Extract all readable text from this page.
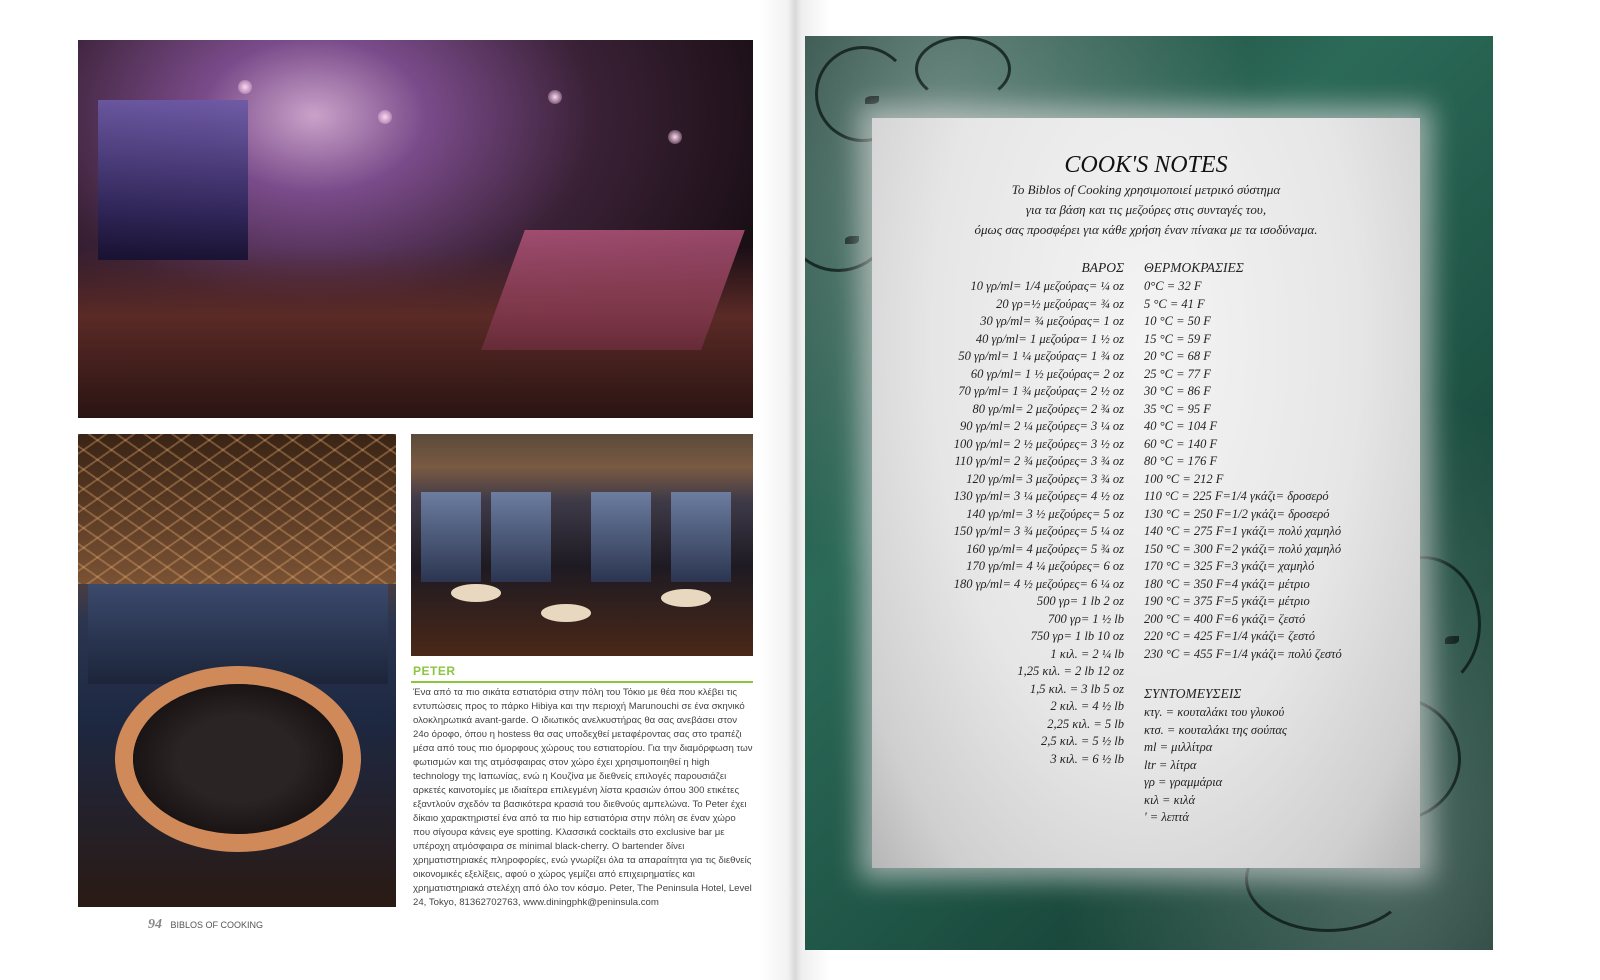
PETER
Ένα από τα πιο σικάτα εστιατόρια στην πόλη του Τόκιο με θέα που κλέβει τις εντυπώσεις προς το πάρκο Hibiya και την περιοχή Marunouchi σε ένα σκηνικό ολοκληρωτικά avant-garde. Ο ιδιωτικός ανελκυστήρας θα σας ανεβάσει στον 24ο όροφο, όπου η hostess θα σας υποδεχθεί μεταφέροντας σας στο τραπέζι μέσα από τους πιο όμορφους χώρους του εστιατορίου. Για την διαμόρφωση των φωτισμών και της ατμόσφαιρας στον χώρο έχει χρησιμοποιηθεί η high technology της Ιαπωνίας, ενώ η Κουζίνα με διεθνείς επιλογές παρουσιάζει αρκετές καινοτομίες με ιδιαίτερα επιλεγμένη λίστα κρασιών όπου 300 ετικέτες εξαντλούν σχεδόν τα βασικότερα κρασιά του διεθνούς αμπελώνα. Το Peter έχει δίκαιο χαρακτηριστεί ένα από τα πιο hip εστιατόρια στην πόλη σε έναν χώρο που σίγουρα κάνεις eye spotting. Κλασσικά cocktails στο exclusive bar με υπέροχη ατμόσφαιρα σε minimal black-cherry. Ο bartender δίνει χρηματιστηριακές πληροφορίες, ενώ γνωρίζει όλα τα απαραίτητα για τις διεθνείς οικονομικές εξελίξεις, αφού ο χώρος γεμίζει από επιχειρηματίες και χρηματιστηριακά στελέχη από όλο τον κόσμο. Peter, The Peninsula Hotel, Level 24, Tokyo, 81362702763, www.diningphk@peninsula.com
94 BIBLOS OF COOKING
COOK'S NOTES
Το Biblos of Cooking χρησιμοποιεί μετρικό σύστημα
για τα βάση και τις μεζούρες στις συνταγές του,
όμως σας προσφέρει για κάθε χρήση έναν πίνακα με τα ισοδύναμα.
ΒΑΡΟΣ
10 γρ/ml= 1/4 μεζούρας= ¼ oz
20 γρ=½ μεζούρας= ¾ oz
30 γρ/ml= ¾ μεζούρας= 1 oz
40 γρ/ml= 1 μεζούρα= 1 ½ oz
50 γρ/ml= 1 ¼ μεζούρας= 1 ¾ oz
60 γρ/ml= 1 ½ μεζούρας= 2 oz
70 γρ/ml= 1 ¾ μεζούρας= 2 ½ oz
80 γρ/ml= 2 μεζούρες= 2 ¾ oz
90 γρ/ml= 2 ¼ μεζούρες= 3 ¼ oz
100 γρ/ml= 2 ½ μεζούρες= 3 ½ oz
110 γρ/ml= 2 ¾ μεζούρες= 3 ¾ oz
120 γρ/ml= 3 μεζούρες= 3 ¾ oz
130 γρ/ml= 3 ¼ μεζούρες= 4 ½ oz
140 γρ/ml= 3 ½ μεζούρες= 5 oz
150 γρ/ml= 3 ¾ μεζούρες= 5 ¼ oz
160 γρ/ml= 4 μεζούρες= 5 ¾ oz
170 γρ/ml= 4 ¼ μεζούρες= 6 oz
180 γρ/ml= 4 ½ μεζούρες= 6 ¼ oz
500 γρ= 1 lb 2 oz
700 γρ= 1 ½ lb
750 γρ= 1 lb 10 oz
1 κιλ. = 2 ¼ lb
1,25 κιλ. = 2 lb 12 oz
1,5 κιλ. = 3 lb 5 oz
2 κιλ. = 4 ½ lb
2,25 κιλ. = 5 lb
2,5 κιλ. = 5 ½ lb
3 κιλ. = 6 ½ lb
ΘΕΡΜΟΚΡΑΣΙΕΣ
0°C = 32 F
5 °C = 41 F
10 °C = 50 F
15 °C = 59 F
20 °C = 68 F
25 °C = 77 F
30 °C = 86 F
35 °C = 95 F
40 °C = 104 F
60 °C = 140 F
80 °C = 176 F
100 °C = 212 F
110 °C = 225 F=1/4 γκάζι= δροσερό
130 °C = 250 F=1/2 γκάζι= δροσερό
140 °C = 275 F=1 γκάζι= πολύ χαμηλό
150 °C = 300 F=2 γκάζι= πολύ χαμηλό
170 °C = 325 F=3 γκάζι= χαμηλό
180 °C = 350 F=4 γκάζι= μέτριο
190 °C = 375 F=5 γκάζι= μέτριο
200 °C = 400 F=6 γκάζι= ζεστό
220 °C = 425 F=1/4 γκάζι= ζεστό
230 °C = 455 F=1/4 γκάζι= πολύ ζεστό
ΣΥΝΤΟΜΕΥΣΕΙΣ
κτγ. = κουταλάκι του γλυκού
κτσ. = κουταλάκι της σούπας
ml = μιλλίτρα
ltr = λίτρα
γρ = γραμμάρια
κιλ = κιλά
' = λεπτά
